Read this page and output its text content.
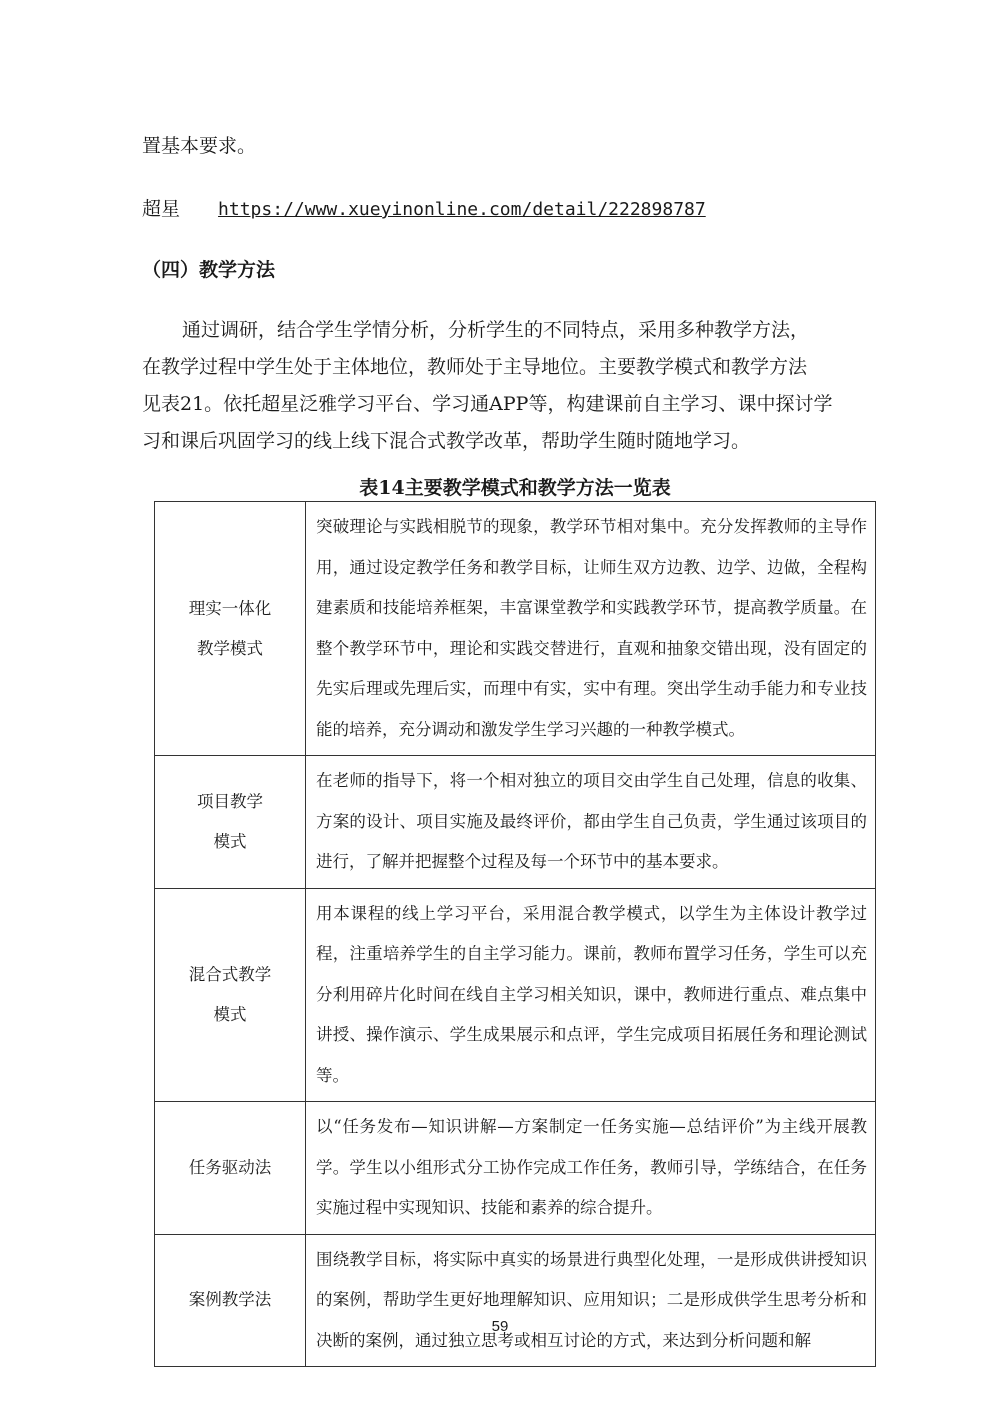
置基本要求。
超星 https://www.xueyinonline.com/detail/222898787
（四）教学方法
通过调研，结合学生学情分析，分析学生的不同特点，采用多种教学方法，
在教学过程中学生处于主体地位，教师处于主导地位。主要教学模式和教学方法
见表21。依托超星泛雅学习平台、学习通APP等，构建课前自主学习、课中探讨学
习和课后巩固学习的线上线下混合式教学改革，帮助学生随时随地学习。
表14主要教学模式和教学方法一览表
理实一体化
教学模式	突破理论与实践相脱节的现象，教学环节相对集中。充分发挥教师的主导作用，通过设定教学任务和教学目标，让师生双方边教、边学、边做，全程构建素质和技能培养框架，丰富课堂教学和实践教学环节，提高教学质量。在整个教学环节中，理论和实践交替进行，直观和抽象交错出现，没有固定的先实后理或先理后实，而理中有实，实中有理。突出学生动手能力和专业技能的培养，充分调动和激发学生学习兴趣的一种教学模式。

项目教学
模式	在老师的指导下，将一个相对独立的项目交由学生自己处理，信息的收集、方案的设计、项目实施及最终评价，都由学生自己负责，学生通过该项目的进行，了解并把握整个过程及每一个环节中的基本要求。

混合式教学
模式	用本课程的线上学习平台，采用混合教学模式，以学生为主体设计教学过程，注重培养学生的自主学习能力。课前，教师布置学习任务，学生可以充分利用碎片化时间在线自主学习相关知识，课中，教师进行重点、难点集中讲授、操作演示、学生成果展示和点评，学生完成项目拓展任务和理论测试等。

任务驱动法	以“任务发布—知识讲解—方案制定一任务实施—总结评价”为主线开展教学。学生以小组形式分工协作完成工作任务，教师引导，学练结合，在任务实施过程中实现知识、技能和素养的综合提升。

案例教学法	围绕教学目标，将实际中真实的场景进行典型化处理，一是形成供讲授知识的案例，帮助学生更好地理解知识、应用知识；二是形成供学生思考分析和决断的案例，通过独立思考或相互讨论的方式，来达到分析问题和解
59
